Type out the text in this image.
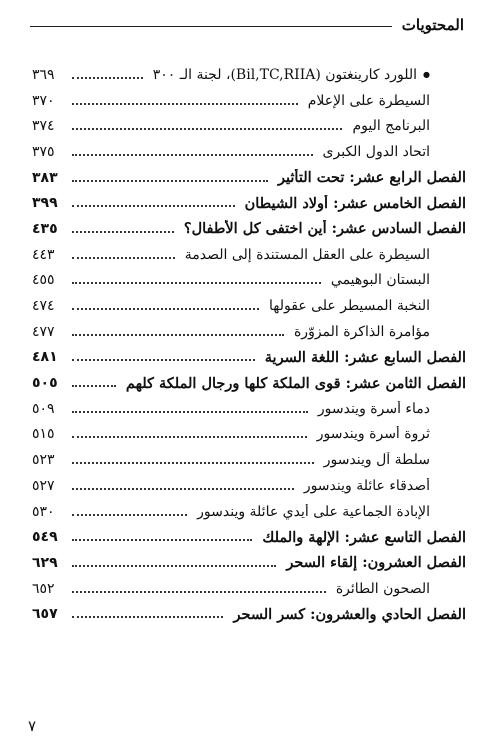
المحتويات
● اللورد كارينغتون (Bil,TC,RIIA)، لجنة الـ ٣٠٠
٣٦٩
السيطرة على الإعلام
٣٧٠
البرنامج اليوم
٣٧٤
اتحاد الدول الكبرى
٣٧٥
الفصل الرابع عشر: تحت التأثير
٣٨٣
الفصل الخامس عشر: أولاد الشيطان
٣٩٩
الفصل السادس عشر: أين اختفى كل الأطفال؟
٤٣٥
السيطرة على العقل المستندة إلى الصدمة
٤٤٣
البستان البوهيمي
٤٥٥
النخبة المسيطر على عقولها
٤٧٤
مؤامرة الذاكرة المزوّرة
٤٧٧
الفصل السابع عشر: اللغة السرية
٤٨١
الفصل الثامن عشر: قوى الملكة كلها ورجال الملكة كلهم
٥٠٥
دماء أسرة ويندسور
٥٠٩
ثروة أسرة ويندسور
٥١٥
سلطة آل ويندسور
٥٢٣
أصدقاء عائلة ويندسور
٥٢٧
الإبادة الجماعية على أيدي عائلة ويندسور
٥٣٠
الفصل التاسع عشر: الإلهة والملك
٥٤٩
الفصل العشرون: إلقاء السحر
٦٢٩
الصحون الطائرة
٦٥٢
الفصل الحادي والعشرون: كسر السحر
٦٥٧
٧
